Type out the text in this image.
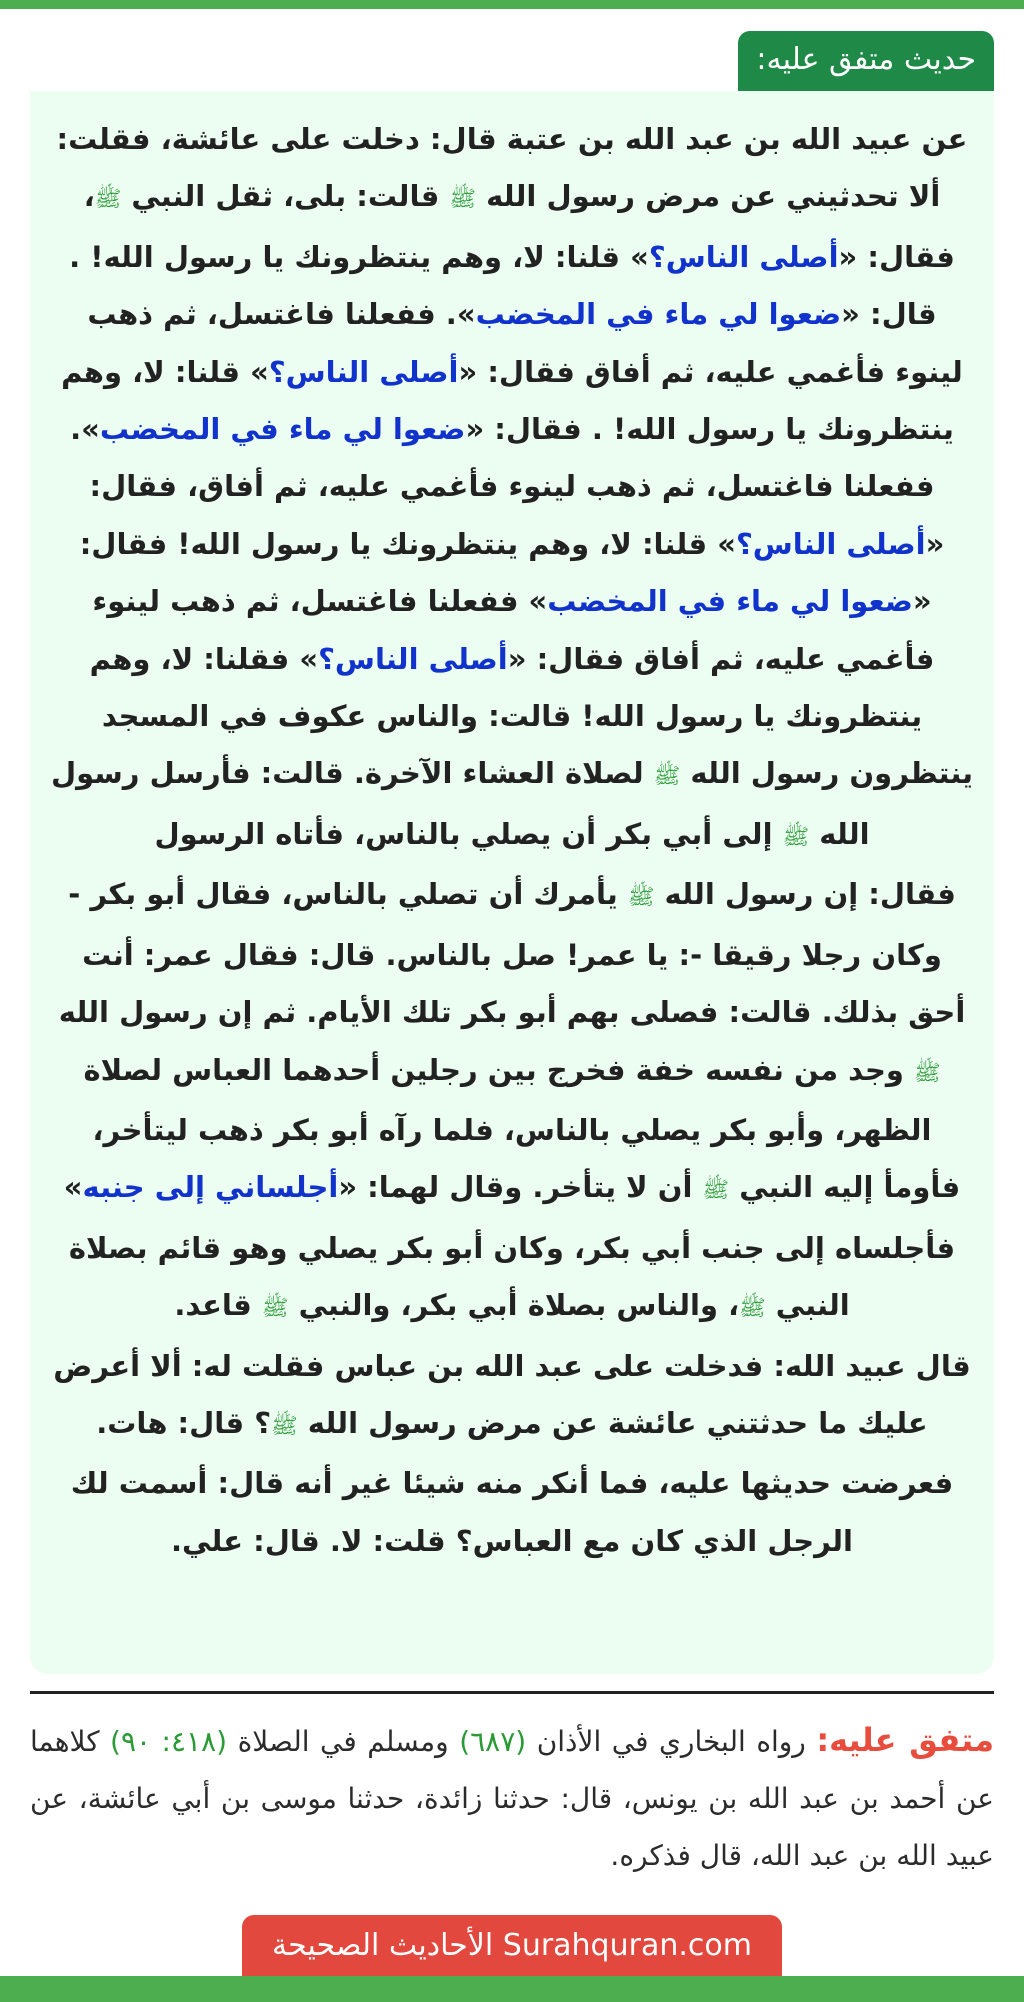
حديث متفق عليه:

عن عبيد الله بن عبد الله بن عتبة قال: دخلت على عائشة، فقلت: ألا تحدثيني عن مرض رسول الله ﷺ قالت: بلى، ثقل النبي ﷺ، فقال: «أصلى الناس؟» قلنا: لا، وهم ينتظرونك يا رسول الله! . قال: «ضعوا لي ماء في المخضب». ففعلنا فاغتسل، ثم ذهب لينوء فأغمي عليه، ثم أفاق فقال: «أصلى الناس؟» قلنا: لا، وهم ينتظرونك يا رسول الله! . فقال: «ضعوا لي ماء في المخضب». ففعلنا فاغتسل، ثم ذهب لينوء فأغمي عليه، ثم أفاق، فقال: «أصلى الناس؟» قلنا: لا، وهم ينتظرونك يا رسول الله! فقال: «ضعوا لي ماء في المخضب» ففعلنا فاغتسل، ثم ذهب لينوء فأغمي عليه، ثم أفاق فقال: «أصلى الناس؟» فقلنا: لا، وهم ينتظرونك يا رسول الله! قالت: والناس عكوف في المسجد ينتظرون رسول الله ﷺ لصلاة العشاء الآخرة. قالت: فأرسل رسول الله ﷺ إلى أبي بكر أن يصلي بالناس، فأتاه الرسول
فقال: إن رسول الله ﷺ يأمرك أن تصلي بالناس، فقال أبو بكر - وكان رجلا رقيقا -: يا عمر! صل بالناس. قال: فقال عمر: أنت أحق بذلك. قالت: فصلى بهم أبو بكر تلك الأيام. ثم إن رسول الله ﷺ وجد من نفسه خفة فخرج بين رجلين أحدهما العباس لصلاة الظهر، وأبو بكر يصلي بالناس، فلما رآه أبو بكر ذهب ليتأخر، فأومأ إليه النبي ﷺ أن لا يتأخر. وقال لهما: «أجلساني إلى جنبه» فأجلساه إلى جنب أبي بكر، وكان أبو بكر يصلي وهو قائم بصلاة النبي ﷺ، والناس بصلاة أبي بكر، والنبي ﷺ قاعد.
قال عبيد الله: فدخلت على عبد الله بن عباس فقلت له: ألا أعرض عليك ما حدثتني عائشة عن مرض رسول الله ﷺ؟ قال: هات. فعرضت حديثها عليه، فما أنكر منه شيئا غير أنه قال: أسمت لك الرجل الذي كان مع العباس؟ قلت: لا. قال: علي.

متفق عليه: رواه البخاري في الأذان (٦٨٧) ومسلم في الصلاة (٤١٨: ٩٠) كلاهما عن أحمد بن عبد الله بن يونس، قال: حدثنا زائدة، حدثنا موسى بن أبي عائشة، عن عبيد الله بن عبد الله، قال فذكره.

الأحاديث الصحيحة Surahquran.com
